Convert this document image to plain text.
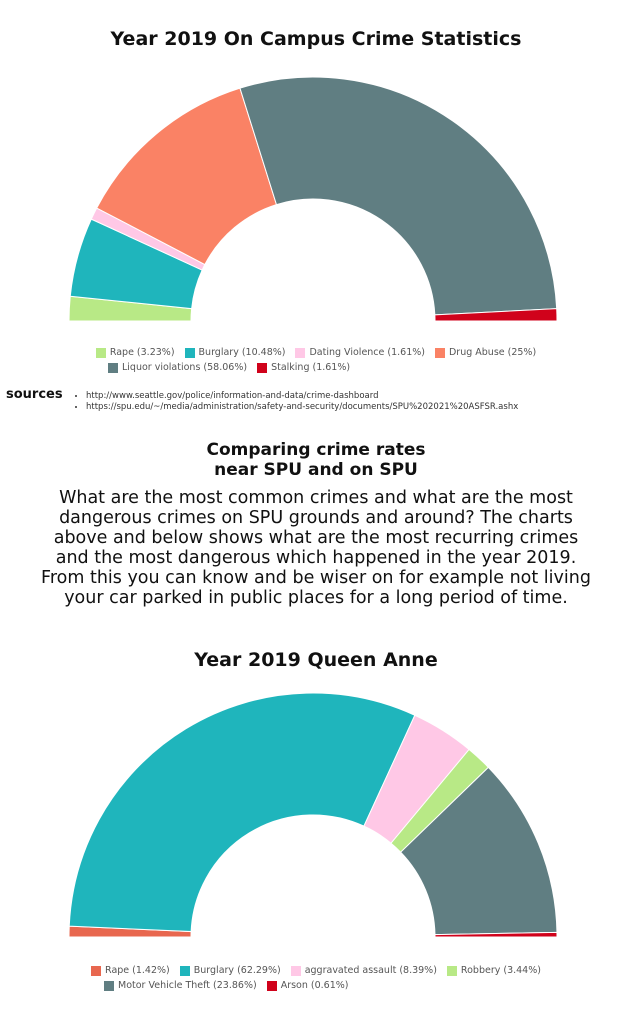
Year 2019 On Campus Crime Statistics
Rape (3.23%)	Burglary (10.48%)	Dating Violence (1.61%)	Drug Abuse (25%)
Liquor violations (58.06%)	Stalking (1.61%)
sources
•	http://www.seattle.gov/police/information-and-data/crime-dashboard
• https://spu.edu/~/media/administration/safety-and-security/documents/SPU%202021%20ASFSR.ashx
Comparing crime rates
near SPU and on SPU
What are the most common crimes and what are the most dangerous crimes on SPU grounds and around? The charts above and below shows what are the most recurring crimes and the most dangerous which happened in the year 2019. From this you can know and be wiser on for example not living your car parked in public places for a long period of time.
Year 2019 Queen Anne
Rape (1.42%)	Burglary (62.29%)	aggravated assault (8.39%)	Robbery (3.44%)
Motor Vehicle Theft (23.86%)	Arson (0.61%)
